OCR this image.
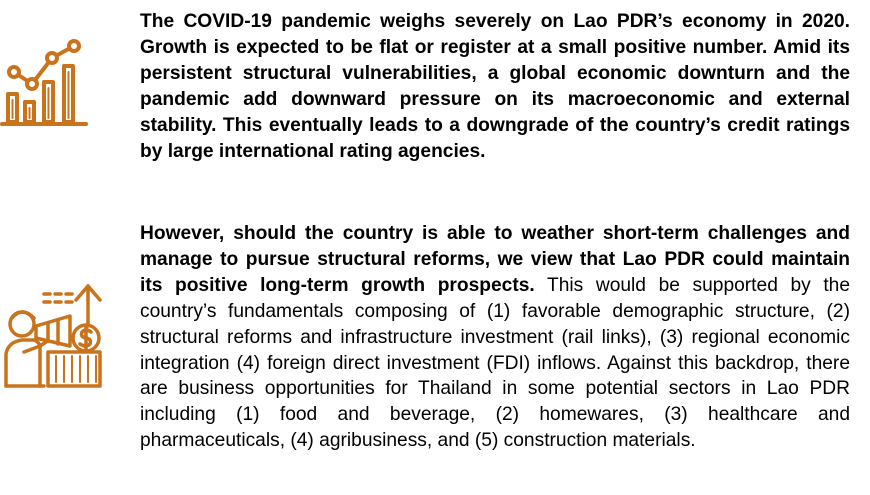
The COVID-19 pandemic weighs severely on Lao PDR’s economy in 2020. Growth is expected to be flat or register at a small positive number. Amid its persistent structural vulnerabilities, a global economic downturn and the pandemic add downward pressure on its macroeconomic and external stability. This eventually leads to a downgrade of the country’s credit ratings by large international rating agencies.

However, should the country is able to weather short-term challenges and manage to pursue structural reforms, we view that Lao PDR could maintain its positive long-term growth prospects. This would be supported by the country’s fundamentals composing of (1) favorable demographic structure, (2) structural reforms and infrastructure investment (rail links), (3) regional economic integration (4) foreign direct investment (FDI) inflows. Against this backdrop, there are business opportunities for Thailand in some potential sectors in Lao PDR including (1) food and beverage, (2) homewares, (3) healthcare and pharmaceuticals, (4) agribusiness, and (5) construction materials.
